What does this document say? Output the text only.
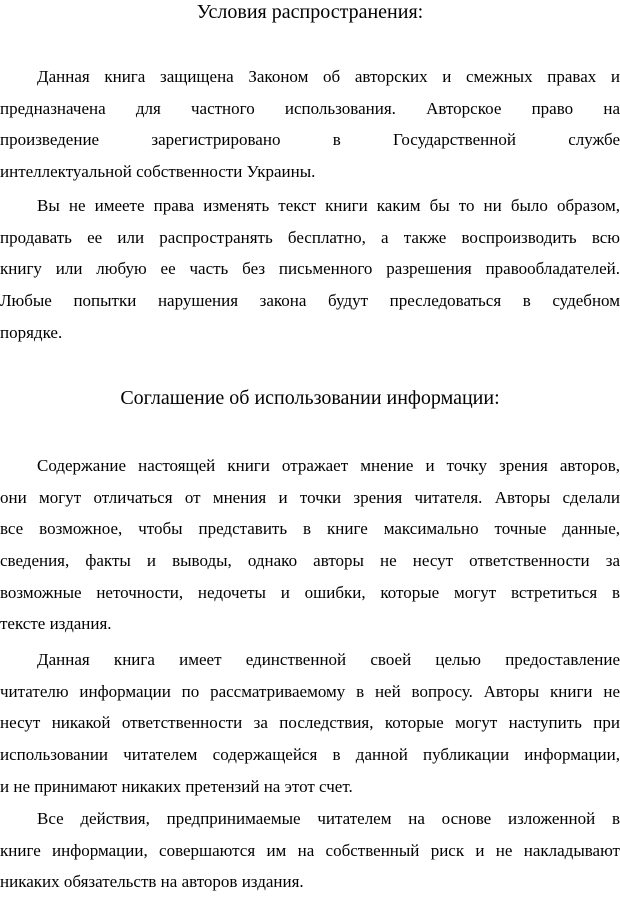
Условия распространения:

Данная книга защищена Законом об авторских и смежных правах и
предназначена для частного использования. Авторское право на
произведение зарегистрировано в Государственной службе
интеллектуальной собственности Украины.

Вы не имеете права изменять текст книги каким бы то ни было образом,
продавать ее или распространять бесплатно, а также воспроизводить всю
книгу или любую ее часть без письменного разрешения правообладателей.
Любые попытки нарушения закона будут преследоваться в судебном
порядке.

Соглашение об использовании информации:

Содержание настоящей книги отражает мнение и точку зрения авторов,
они могут отличаться от мнения и точки зрения читателя. Авторы сделали
все возможное, чтобы представить в книге максимально точные данные,
сведения, факты и выводы, однако авторы не несут ответственности за
возможные неточности, недочеты и ошибки, которые могут встретиться в
тексте издания.

Данная книга имеет единственной своей целью предоставление
читателю информации по рассматриваемому в ней вопросу. Авторы книги не
несут никакой ответственности за последствия, которые могут наступить при
использовании читателем содержащейся в данной публикации информации,
и не принимают никаких претензий на этот счет.

Все действия, предпринимаемые читателем на основе изложенной в
книге информации, совершаются им на собственный риск и не накладывают
никаких обязательств на авторов издания.
